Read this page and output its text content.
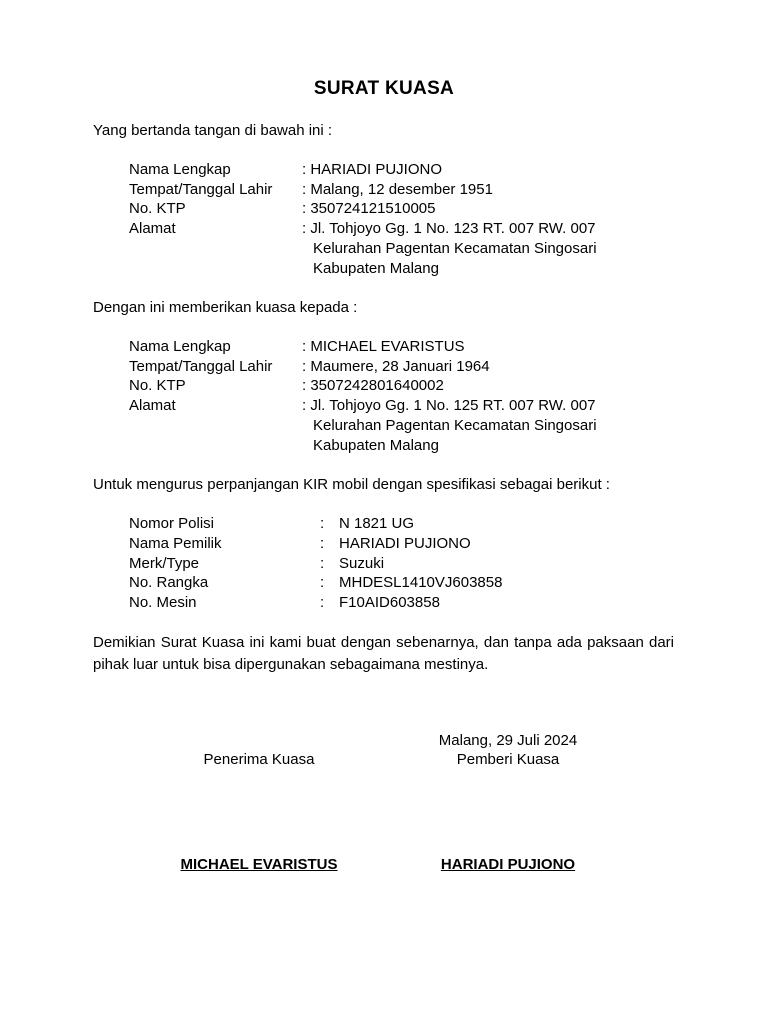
SURAT KUASA
Yang bertanda tangan di bawah ini :
Nama Lengkap	: HARIADI PUJIONO
Tempat/Tanggal Lahir : Malang, 12 desember 1951
No. KTP	: 350724121510005
Alamat	: Jl. Tohjoyo Gg. 1 No. 123 RT. 007 RW. 007
Kelurahan Pagentan Kecamatan Singosari
Kabupaten Malang
Dengan ini memberikan kuasa kepada :
Nama Lengkap	: MICHAEL EVARISTUS
Tempat/Tanggal Lahir : Maumere, 28 Januari 1964
No. KTP	: 3507242801640002
Alamat	: Jl. Tohjoyo Gg. 1 No. 125 RT. 007 RW. 007
Kelurahan Pagentan Kecamatan Singosari
Kabupaten Malang
Untuk mengurus perpanjangan KIR mobil dengan spesifikasi sebagai berikut :
Nomor Polisi	: N 1821 UG
Nama Pemilik	: HARIADI PUJIONO
Merk/Type	: Suzuki
No. Rangka	: MHDESL1410VJ603858
No. Mesin	: F10AID603858
Demikian Surat Kuasa ini kami buat dengan sebenarnya, dan tanpa ada paksaan dari pihak luar untuk bisa dipergunakan sebagaimana mestinya.
Malang, 29 Juli 2024
Penerima Kuasa	Pemberi Kuasa
MICHAEL EVARISTUS	HARIADI PUJIONO
